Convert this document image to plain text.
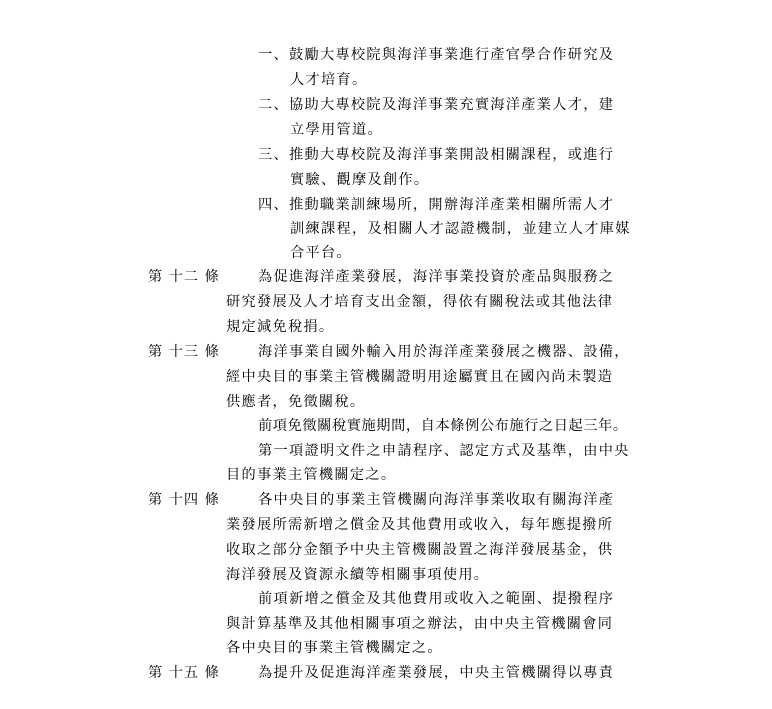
一、鼓勵大專校院與海洋事業進行產官學合作研究及
人才培育。
二、協助大專校院及海洋事業充實海洋產業人才，建
立學用管道。
三、推動大專校院及海洋事業開設相關課程，或進行
實驗、觀摩及創作。
四、推動職業訓練場所，開辦海洋產業相關所需人才
訓練課程，及相關人才認證機制，並建立人才庫媒
合平台。
第 十二 條	為促進海洋產業發展，海洋事業投資於產品與服務之
研究發展及人才培育支出金額，得依有關稅法或其他法律
規定減免稅捐。
第 十三 條	海洋事業自國外輸入用於海洋產業發展之機器、設備，
經中央目的事業主管機關證明用途屬實且在國內尚未製造
供應者，免徵關稅。
前項免徵關稅實施期間，自本條例公布施行之日起三年。
第一項證明文件之申請程序、認定方式及基準，由中央
目的事業主管機關定之。
第 十四 條	各中央目的事業主管機關向海洋事業收取有關海洋產
業發展所需新增之償金及其他費用或收入，每年應提撥所
收取之部分金額予中央主管機關設置之海洋發展基金，供
海洋發展及資源永續等相關事項使用。
前項新增之償金及其他費用或收入之範圍、提撥程序
與計算基準及其他相關事項之辦法，由中央主管機關會同
各中央目的事業主管機關定之。
第 十五 條	為提升及促進海洋產業發展，中央主管機關得以專責
